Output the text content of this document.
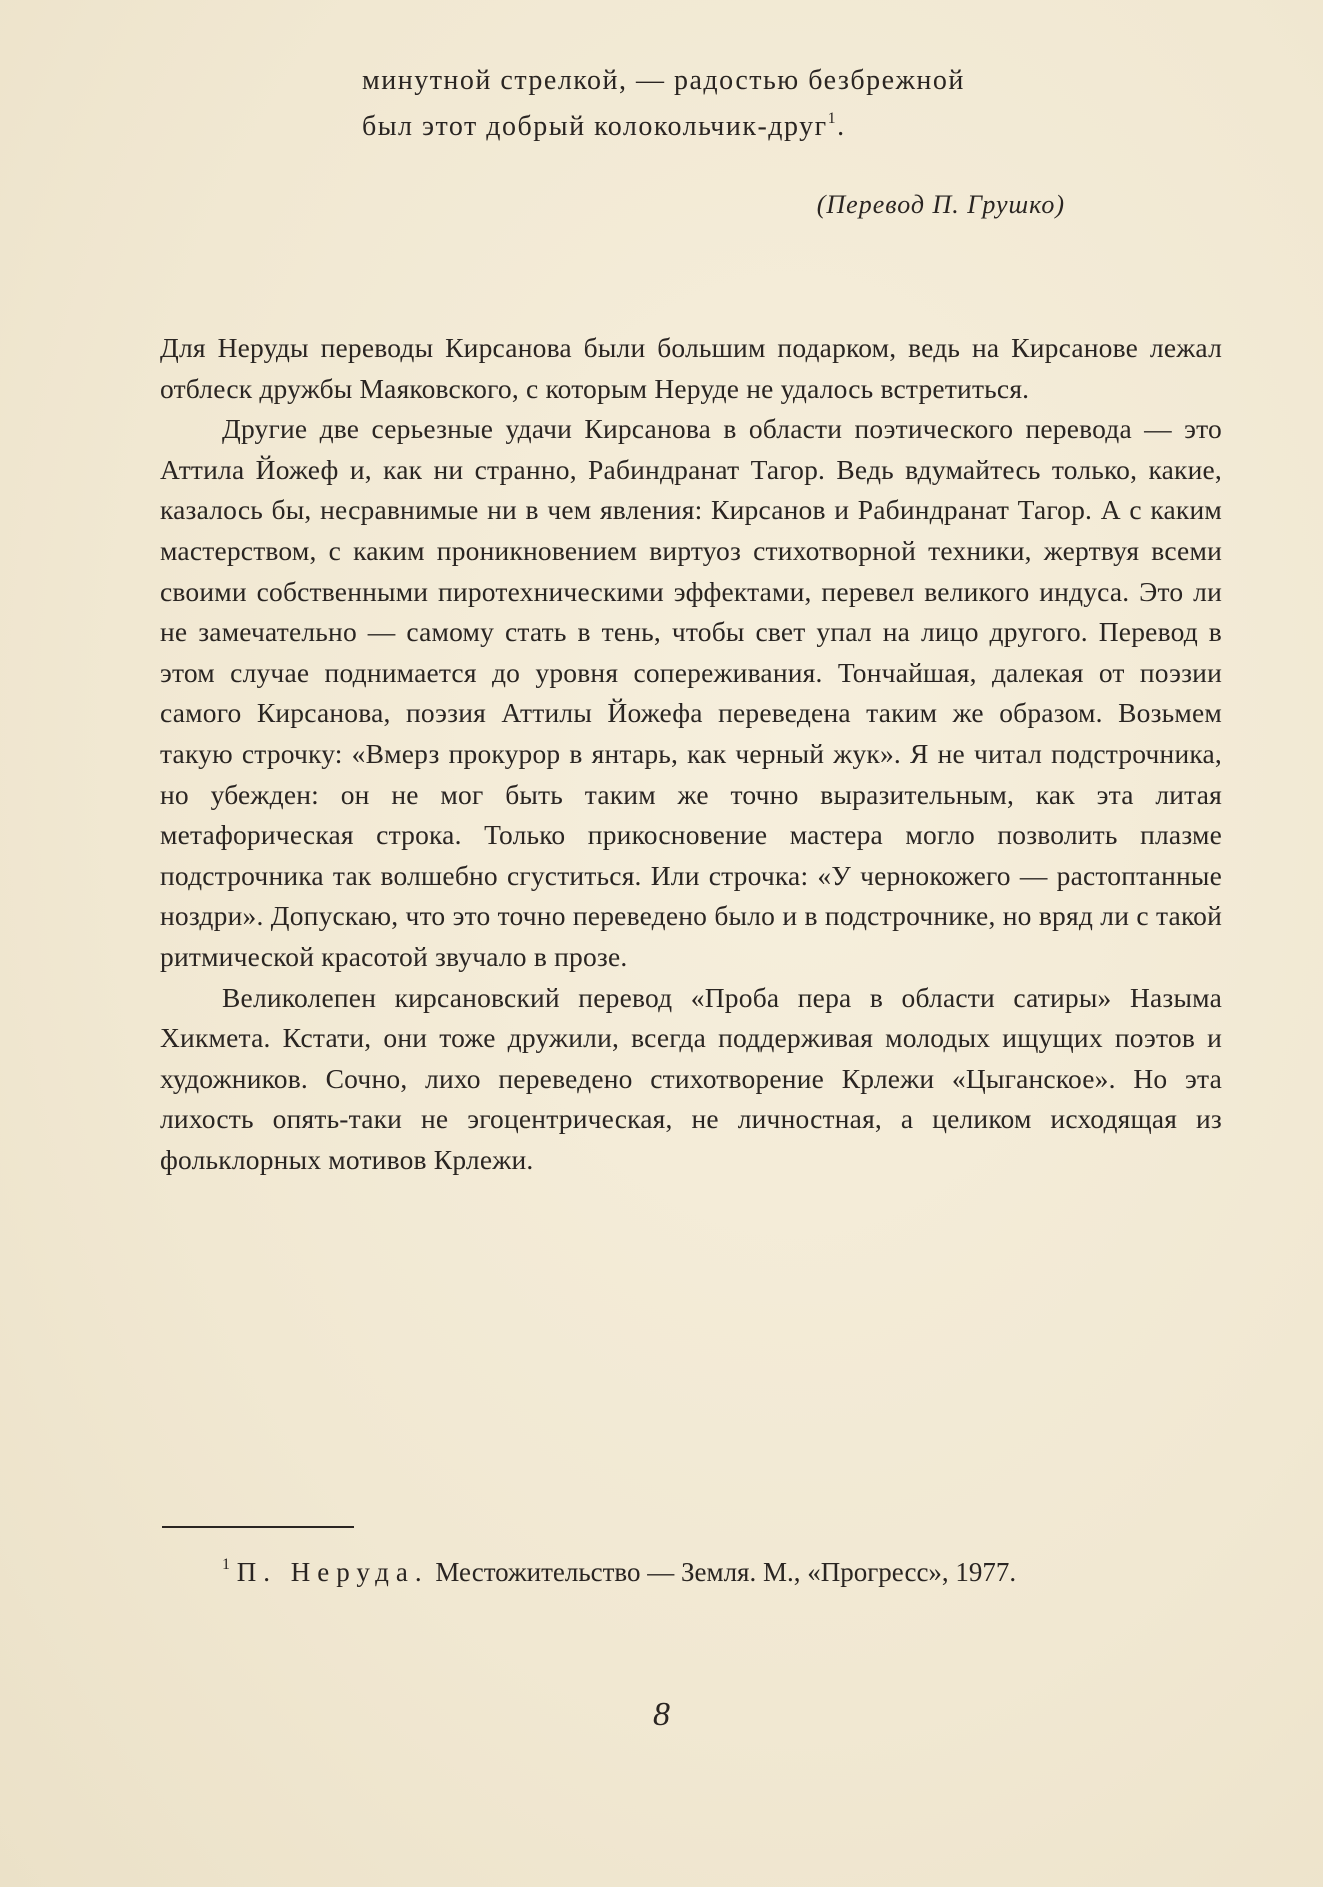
минутной стрелкой, — радостью безбрежной
был этот добрый колокольчик-друг$^1$.
(Перевод П. Грушко)

Для Неруды переводы Кирсанова были большим подарком, ведь на Кирсанове лежал отблеск дружбы Маяковского, с которым Неруде не удалось встретиться.

Другие две серьезные удачи Кирсанова в области поэтического перевода — это Аттила Йожеф и, как ни странно, Рабиндранат Тагор. Ведь вдумайтесь только, какие, казалось бы, несравнимые ни в чем явления: Кирсанов и Рабиндранат Тагор. А с каким мастерством, с каким проникновением виртуоз стихотворной техники, жертвуя всеми своими собственными пиротехническими эффектами, перевел великого индуса. Это ли не замечательно — самому стать в тень, чтобы свет упал на лицо другого. Перевод в этом случае поднимается до уровня сопереживания. Тончайшая, далекая от поэзии самого Кирсанова, поэзия Аттилы Йожефа переведена таким же образом. Возьмем такую строчку: «Вмерз прокурор в янтарь, как черный жук». Я не читал подстрочника, но убежден: он не мог быть таким же точно выразительным, как эта литая метафорическая строка. Только прикосновение мастера могло позволить плазме подстрочника так волшебно сгуститься. Или строчка: «У чернокожего — растоптанные ноздри». Допускаю, что это точно переведено было и в подстрочнике, но вряд ли с такой ритмической красотой звучало в прозе.

Великолепен кирсановский перевод «Проба пера в области сатиры» Назыма Хикмета. Кстати, они тоже дружили, всегда поддерживая молодых ищущих поэтов и художников. Сочно, лихо переведено стихотворение Крлежи «Цыганское». Но эта лихость опять-таки не эгоцентрическая, не личностная, а целиком исходящая из фольклорных мотивов Крлежи.

$^1$ П. Неруда. Местожительство — Земля. М., «Прогресс», 1977.
8
